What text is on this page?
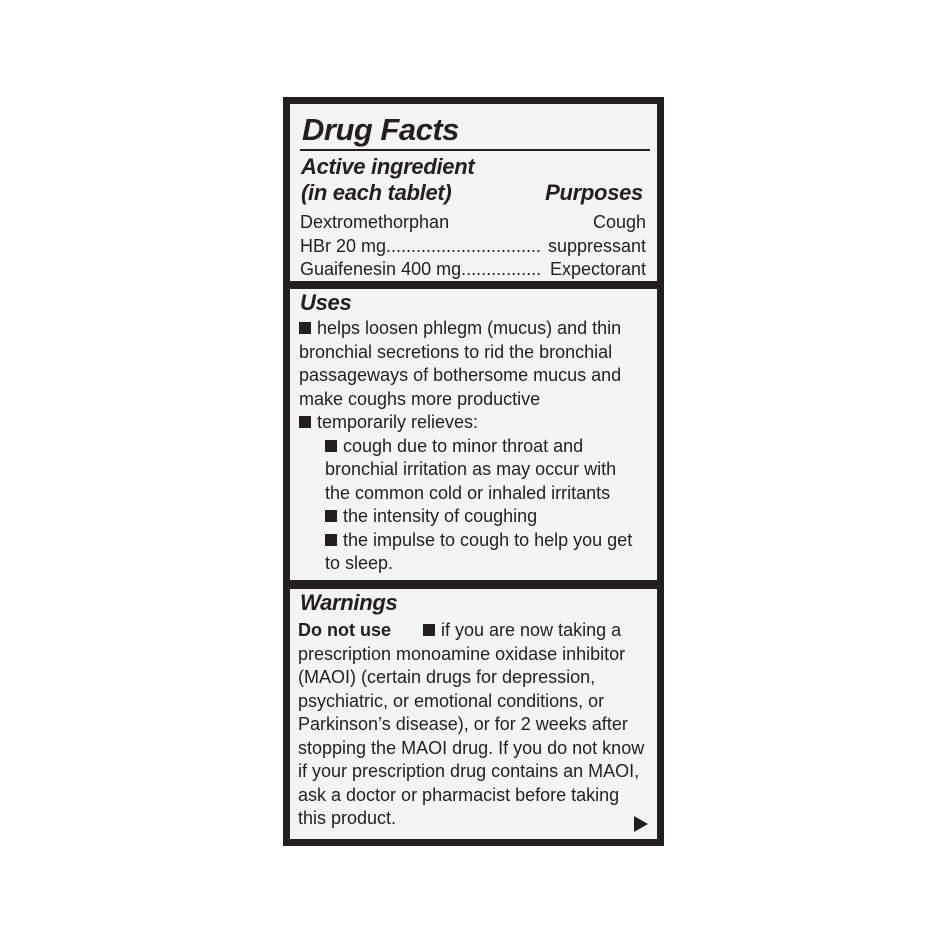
Drug Facts
Active ingredient
(in each tablet)	Purposes
Dextromethorphan	Cough
HBr 20 mg ............................... suppressant
Guaifenesin 400 mg ................ Expectorant
Uses
helps loosen phlegm (mucus) and thin
bronchial secretions to rid the bronchial
passageways of bothersome mucus and
make coughs more productive
temporarily relieves:
cough due to minor throat and
bronchial irritation as may occur with
the common cold or inhaled irritants
the intensity of coughing
the impulse to cough to help you get
to sleep.
Warnings
Do not use	if you are now taking a
prescription monoamine oxidase inhibitor
(MAOI) (certain drugs for depression,
psychiatric, or emotional conditions, or
Parkinson’s disease), or for 2 weeks after
stopping the MAOI drug. If you do not know
if your prescription drug contains an MAOI,
ask a doctor or pharmacist before taking
this product.
